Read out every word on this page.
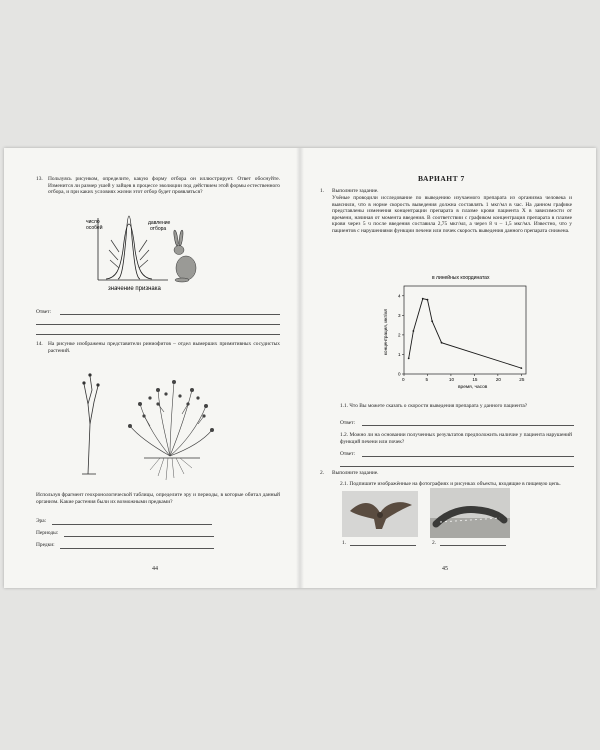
13. Пользуясь рисунком, определите, какую форму отбора он иллюстрирует. Ответ обоснуйте. Изменится ли размер ушей у зайцев в процессе эволюции под действием этой формы естественного отбора, и при каких условиях жизни этот отбор будет проявляться?
число
особей
давление
отбора
значение признака
Ответ:
14. На рисунке изображены представители риниофитов – отдел вымерших примитивных сосудистых растений.
Используя фрагмент геохронологической таблицы, определите эру и периоды, в которые обитал данный организм. Какие растения были их возможными предками?
Эра:
Периоды:
Предки:
44
ВАРИАНТ 7
1.	Выполните задание.
Учёные проводили исследование по выведению изучаемого препарата из организма человека и выяснили, что в норме скорость выведения должна составлять 1 мкг/мл в час. На данном графике представлены изменения концентрации препарата в плазме крови пациента X в зависимости от времени, начиная от момента введения. В соответствии с графиком концентрация препарата в плазме крови через 5 ч после введения составила 2,75 мкг/мл, а через 8 ч – 1,5 мкг/мл. Известно, что у пациентов с нарушениями функции печени или почек скорость выведения данного препарата снижена.
в линейных координатах
концентрация, мкг/мл
время, часов
0	5	10	15	20	25
0
1
2
3
4
1.1. Что Вы можете сказать о скорости выведения препарата у данного пациента?
Ответ:
1.2. Можно ли на основании полученных результатов предположить наличие у пациента нарушений функций печени или почек?
Ответ:
2.	Выполните задание.
2.1. Подпишите изображённые на фотографиях и рисунках объекты, входящие в пищевую цепь.
1.	2.
45
